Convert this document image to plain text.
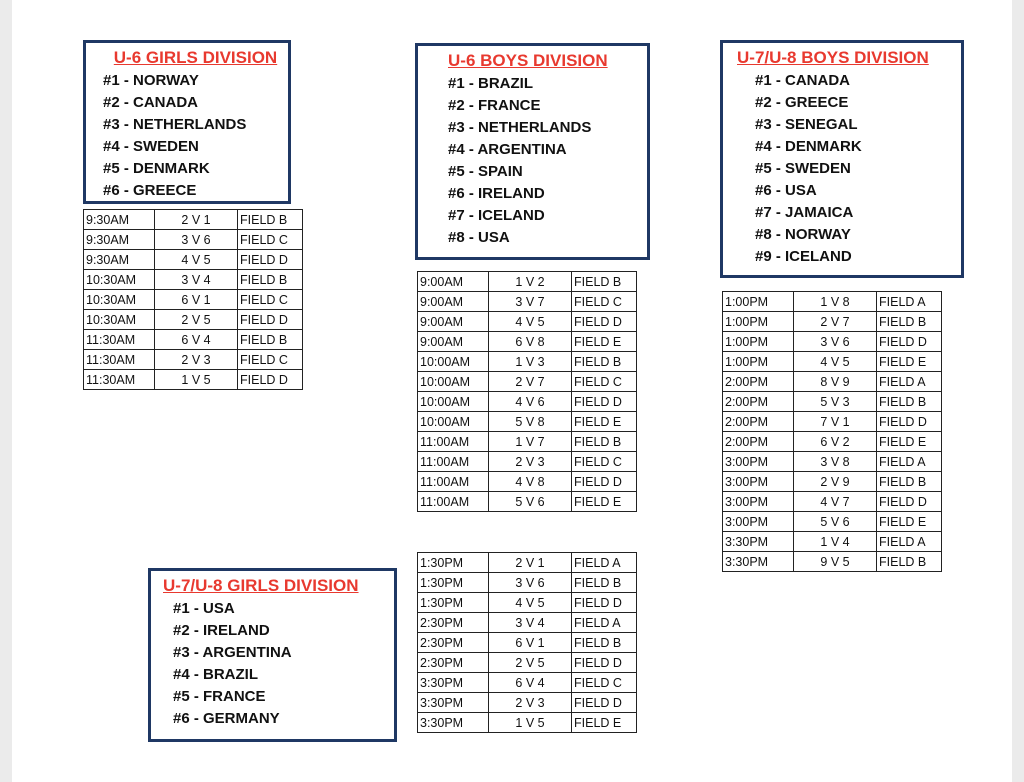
U-6 GIRLS DIVISION
#1 - NORWAY
#2 - CANADA
#3 - NETHERLANDS
#4 - SWEDEN
#5 - DENMARK
#6 - GREECE
U-6 BOYS DIVISION
#1 - BRAZIL
#2 - FRANCE
#3 - NETHERLANDS
#4 - ARGENTINA
#5 - SPAIN
#6 - IRELAND
#7 - ICELAND
#8 - USA
U-7/U-8 BOYS DIVISION
#1 - CANADA
#2 - GREECE
#3 - SENEGAL
#4 - DENMARK
#5 - SWEDEN
#6 - USA
#7 - JAMAICA
#8 - NORWAY
#9 - ICELAND
U-7/U-8 GIRLS DIVISION
#1 - USA
#2 - IRELAND
#3 - ARGENTINA
#4 - BRAZIL
#5 - FRANCE
#6 - GERMANY
9:30AM	2 V 1	FIELD B
9:30AM	3 V 6	FIELD C
9:30AM	4 V 5	FIELD D
10:30AM	3 V 4	FIELD B
10:30AM	6 V 1	FIELD C
10:30AM	2 V 5	FIELD D
11:30AM	6 V 4	FIELD B
11:30AM	2 V 3	FIELD C
11:30AM	1 V 5	FIELD D
9:00AM	1 V 2	FIELD B
9:00AM	3 V 7	FIELD C
9:00AM	4 V 5	FIELD D
9:00AM	6 V 8	FIELD E
10:00AM	1 V 3	FIELD B
10:00AM	2 V 7	FIELD C
10:00AM	4 V 6	FIELD D
10:00AM	5 V 8	FIELD E
11:00AM	1 V 7	FIELD B
11:00AM	2 V 3	FIELD C
11:00AM	4 V 8	FIELD D
11:00AM	5 V 6	FIELD E
1:30PM	2 V 1	FIELD A
1:30PM	3 V 6	FIELD B
1:30PM	4 V 5	FIELD D
2:30PM	3 V 4	FIELD A
2:30PM	6 V 1	FIELD B
2:30PM	2 V 5	FIELD D
3:30PM	6 V 4	FIELD C
3:30PM	2 V 3	FIELD D
3:30PM	1 V 5	FIELD E
1:00PM	1 V 8	FIELD A
1:00PM	2 V 7	FIELD B
1:00PM	3 V 6	FIELD D
1:00PM	4 V 5	FIELD E
2:00PM	8 V 9	FIELD A
2:00PM	5 V 3	FIELD B
2:00PM	7 V 1	FIELD D
2:00PM	6 V 2	FIELD E
3:00PM	3 V 8	FIELD A
3:00PM	2 V 9	FIELD B
3:00PM	4 V 7	FIELD D
3:00PM	5 V 6	FIELD E
3:30PM	1 V 4	FIELD A
3:30PM	9 V 5	FIELD B
